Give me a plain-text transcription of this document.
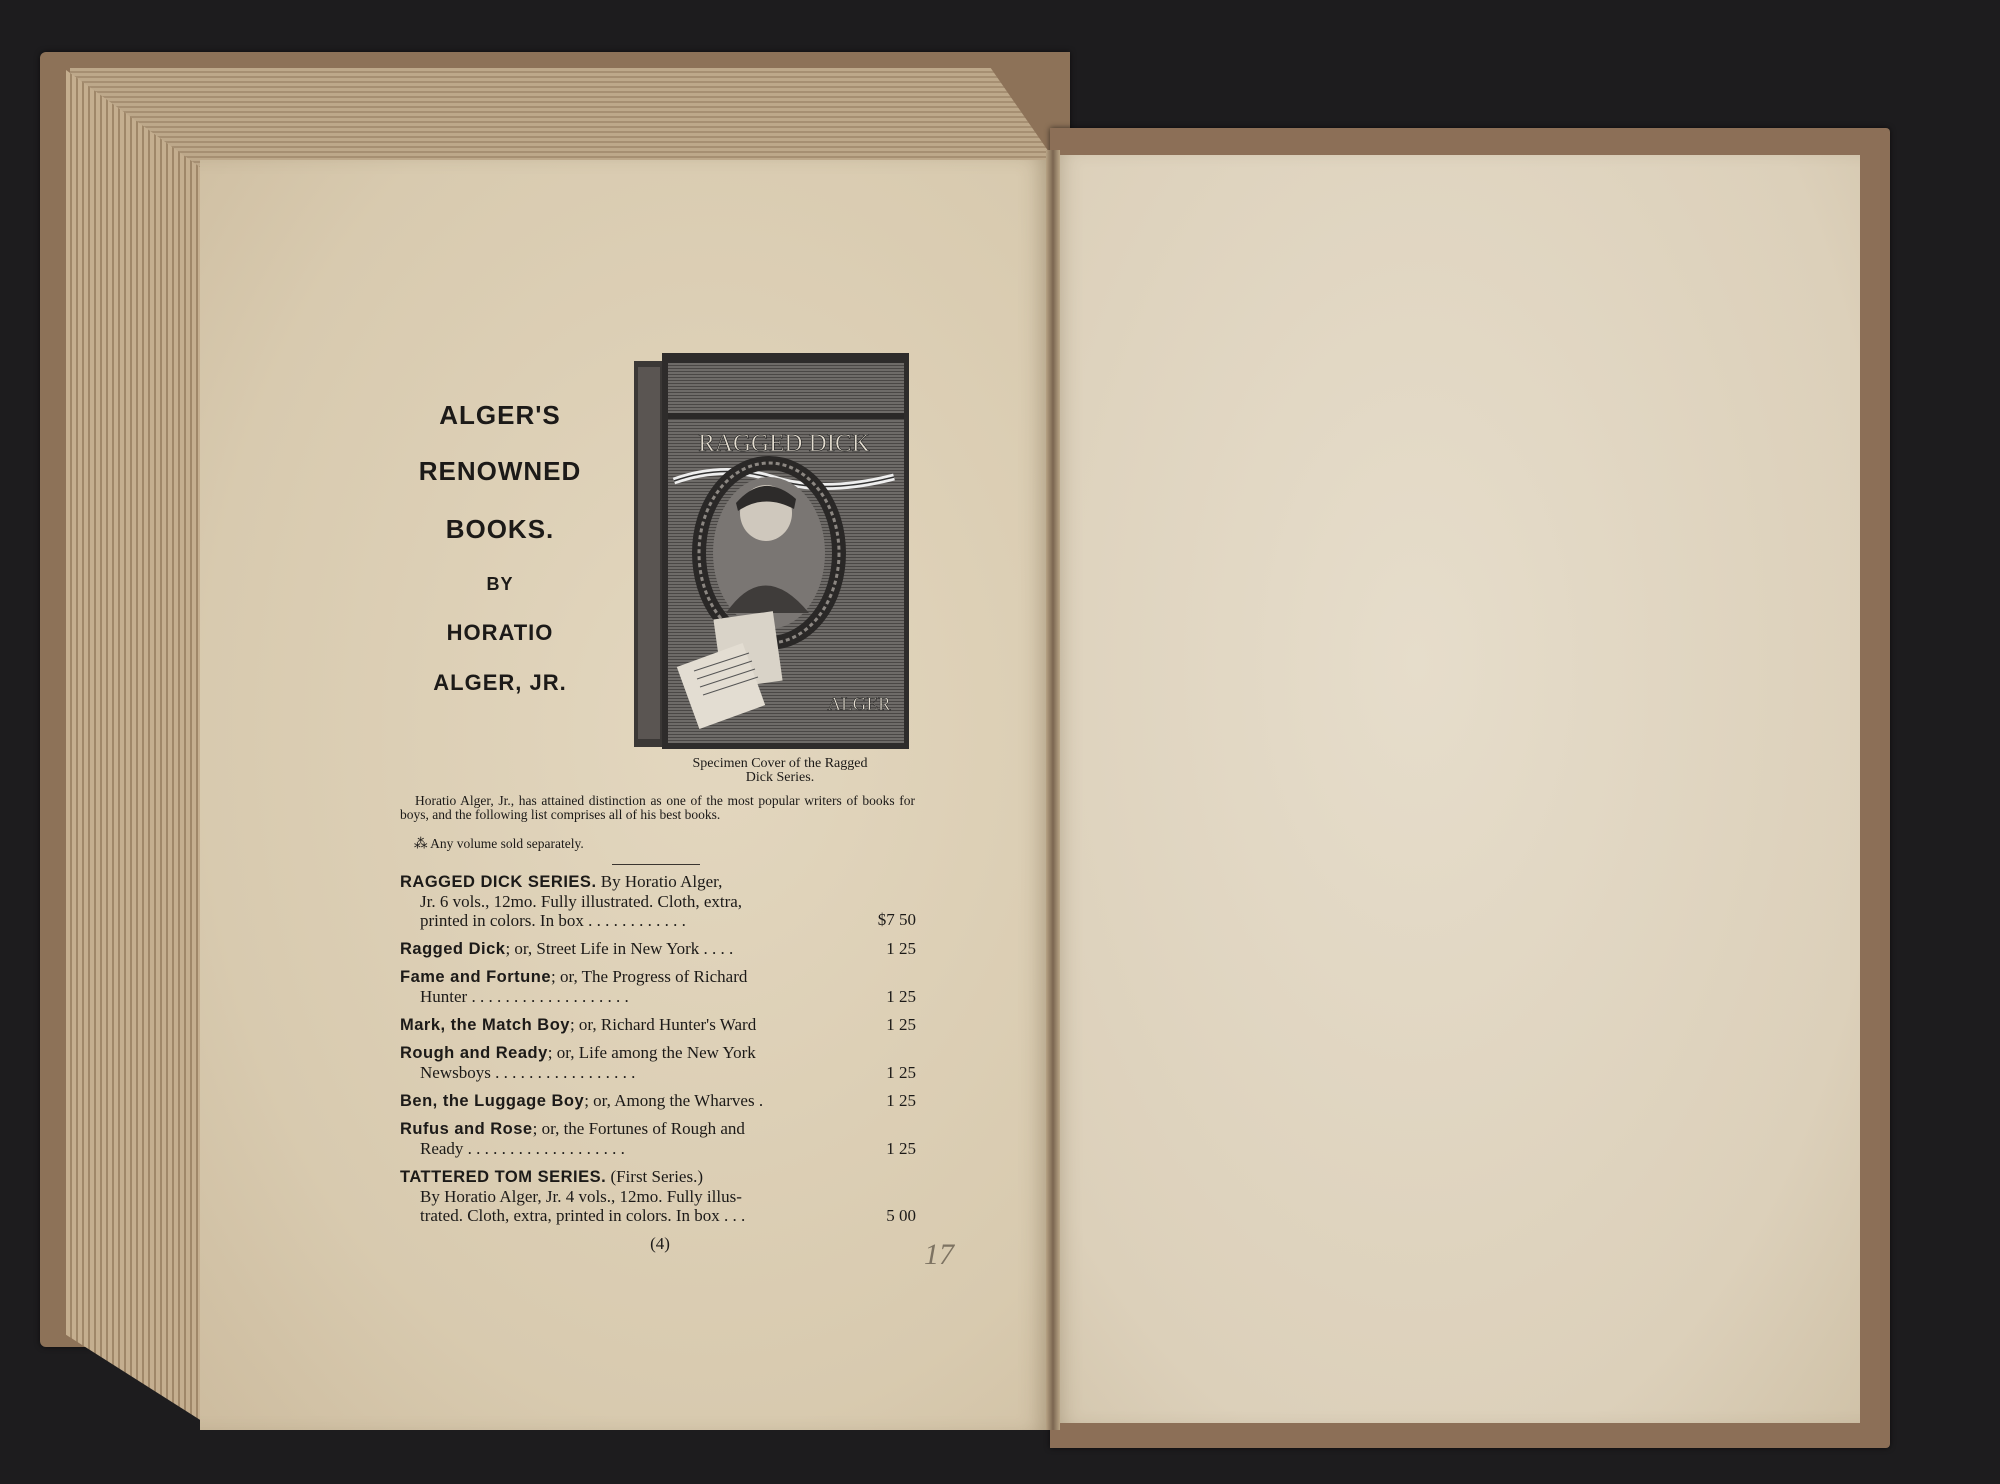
ALGER'S
RENOWNED
BOOKS.
BY
HORATIO
ALGER, JR.
RAGGED DICK
ALGER
Specimen Cover of the Ragged
Dick Series.
Horatio Alger, Jr., has attained distinction as one of the most popular writers of books for boys, and the following list comprises all of his best books.
⁂ Any volume sold separately.
RAGGED DICK SERIES. By Horatio Alger,
Jr. 6 vols., 12mo. Fully illustrated. Cloth, extra,
printed in colors. In box . . . . . . . . . . . .	$7 50
Ragged Dick; or, Street Life in New York . . . .	1 25
Fame and Fortune; or, The Progress of Richard
Hunter . . . . . . . . . . . . . . . . . . .	1 25
Mark, the Match Boy; or, Richard Hunter's Ward	1 25
Rough and Ready; or, Life among the New York
Newsboys . . . . . . . . . . . . . . . . .	1 25
Ben, the Luggage Boy; or, Among the Wharves .	1 25
Rufus and Rose; or, the Fortunes of Rough and
Ready . . . . . . . . . . . . . . . . . . .	1 25
TATTERED TOM SERIES. (First Series.)
By Horatio Alger, Jr. 4 vols., 12mo. Fully illus-
trated. Cloth, extra, printed in colors. In box . . .	5 00
(4)	17
